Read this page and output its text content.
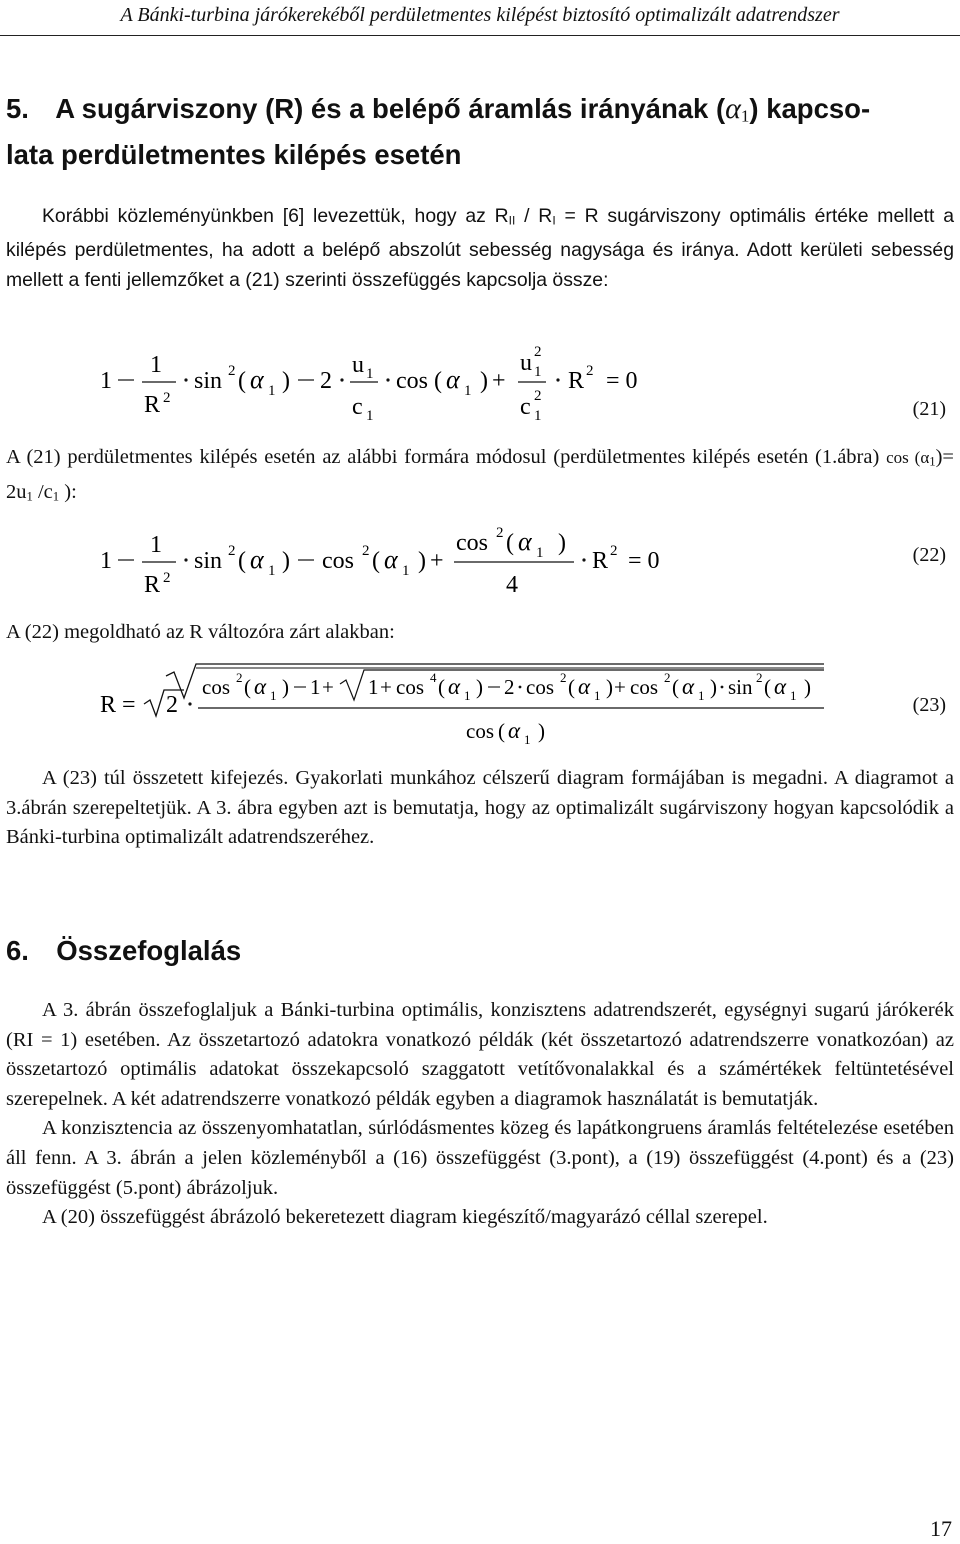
A Bánki-turbina járókerekéből perdületmentes kilépést biztosító optimalizált adatrendszer
5. A sugárviszony (R) és a belépő áramlás irányának $(\alpha_1)$ kapcso-
lata perdületmentes kilépés esetén
Korábbi közleményünkben [6] levezettük, hogy az $R_{II} / R_I = R$ sugárviszony optimális értéke mellett a kilépés perdületmentes, ha adott a belépő abszolút sebesség nagysága és iránya. Adott kerületi sebesség mellett a fenti jellemzőket a (21) szerinti összefüggés kapcsolja össze:
1
1
R 2
sin 2 ( α 1 ) 2
u 1
c 1
cos ( α 1 ) +
u 2
1
c 2
1
R 2 = 0
(21)
A (21) perdületmentes kilépés esetén az alábbi formára módosul (perdületmentes kilépés esetén (1.ábra) $\cos (\alpha_1)= 2u_1$ $/c_1$ ):
1
1
R 2
sin 2 ( α 1 ) cos 2 ( α 1 ) +
cos 2 ( α 1 )
4
R 2 = 0	(22)
A (22) megoldható az R változóra zárt alakban:
R = 2
cos 2 ( α 1 ) 1 + 1 + cos 4 ( α 1 ) 2 cos 2 ( α 1 ) + cos 2 ( α 1 ) sin 2 ( α 1 )
cos ( α 1 )
(23)
A (23) túl összetett kifejezés. Gyakorlati munkához célszerű diagram formájában is megadni. A diagramot a 3.ábrán szerepeltetjük. A 3. ábra egyben azt is bemutatja, hogy az optimalizált sugárviszony hogyan kapcsolódik a Bánki-turbina optimalizált adatrendszeréhez.
6. Összefoglalás
A 3. ábrán összefoglaljuk a Bánki-turbina optimális, konzisztens adatrendszerét, egységnyi sugarú járókerék (RI = 1) esetében. Az összetartozó adatokra vonatkozó példák (két összetartozó adatrendszerre vonatkozóan) az összetartozó optimális adatokat összekapcsoló szaggatott vetítővonalakkal és a számértékek feltüntetésével szerepelnek. A két adatrendszerre vonatkozó példák egyben a diagramok használatát is bemutatják.
A konzisztencia az összenyomhatatlan, súrlódásmentes közeg és lapátkongruens áramlás feltételezése esetében áll fenn. A 3. ábrán a jelen közleményből a (16) összefüggést (3.pont), a (19) összefüggést (4.pont) és a (23) összefüggést (5.pont) ábrázoljuk.
A (20) összefüggést ábrázoló bekeretezett diagram kiegészítő/magyarázó céllal szerepel.
17
